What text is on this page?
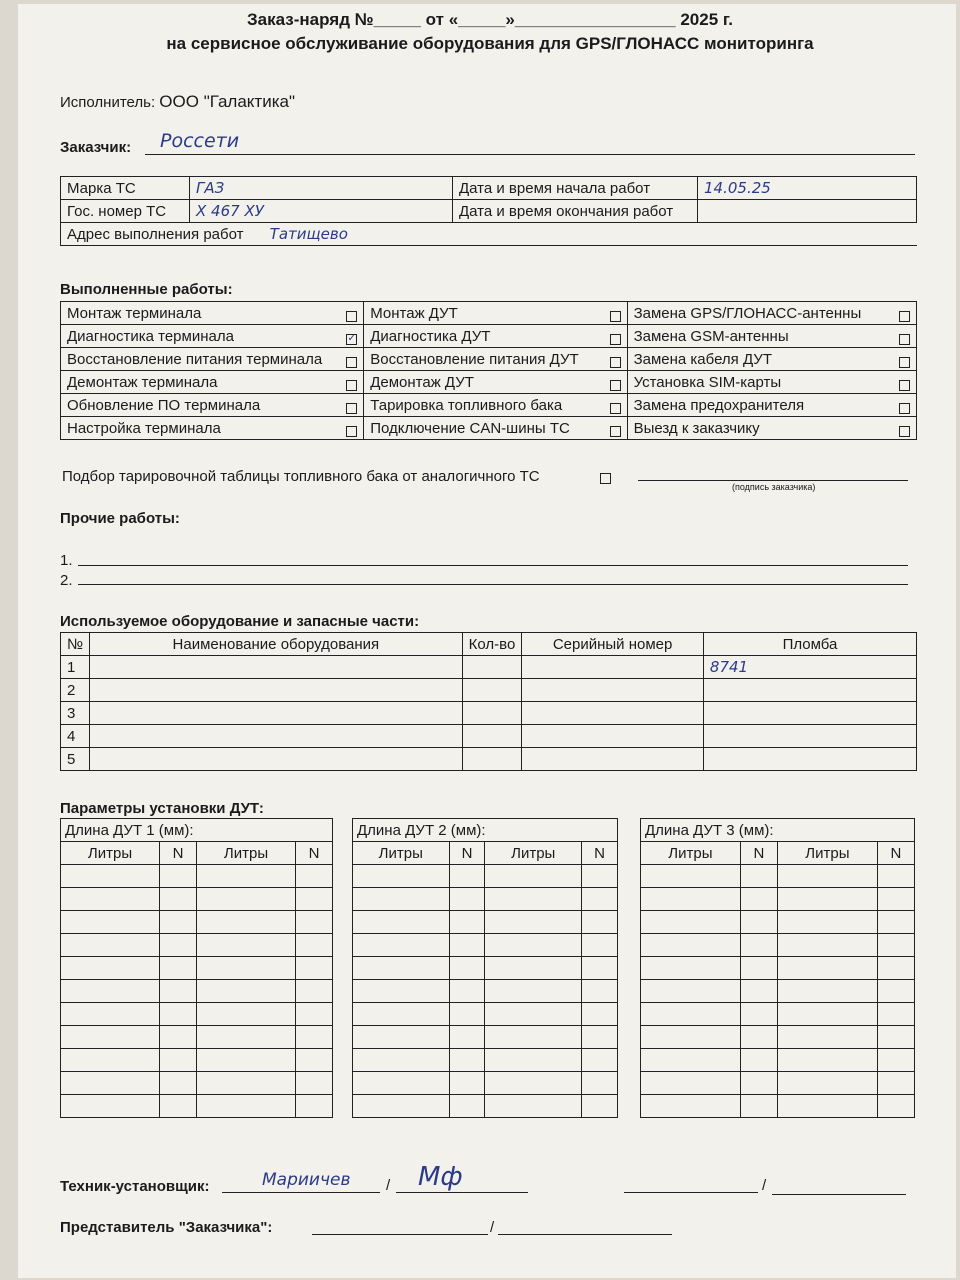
Заказ-наряд №_____ от «_____»_________________ 2025 г.
на сервисное обслуживание оборудования для GPS/ГЛОНАСС мониторинга
Исполнитель: ООО "Галактика"
Заказчик: Россети
Марка ТС	ГАЗ	Дата и время начала работ	14.05.25
Гос. номер ТС	Х 467 ХУ	Дата и время окончания работ	
Адрес выполнения работ Татищево			
Выполненные работы:
Монтаж терминала	Монтаж ДУТ	Замена GPS/ГЛОНАСС-антенны

Диагностика терминала ✓	Диагностика ДУТ	Замена GSM-антенны

Восстановление питания терминала	Восстановление питания ДУТ	Замена кабеля ДУТ

Демонтаж терминала	Демонтаж ДУТ	Установка SIM-карты

Обновление ПО терминала	Тарировка топливного бака	Замена предохранителя

Настройка терминала	Подключение CAN-шины ТС	Выезд к заказчику
Подбор тарировочной таблицы топливного бака от аналогичного ТС
(подпись заказчика)
Прочие работы:
1.
2.
Используемое оборудование и запасные части:
№	Наименование оборудования	Кол-во	Серийный номер	Пломба
1				8741
2				
3				
4				
5				
Параметры установки ДУТ:
Длина ДУТ 1 (мм):			
Литры	N	Литры	N

Длина ДУТ 2 (мм):			
Литры	N	Литры	N

Длина ДУТ 3 (мм):			
Литры	N	Литры	N

Техник-установщик:	Мариичев / Мф	/
Представитель "Заказчика":	/
